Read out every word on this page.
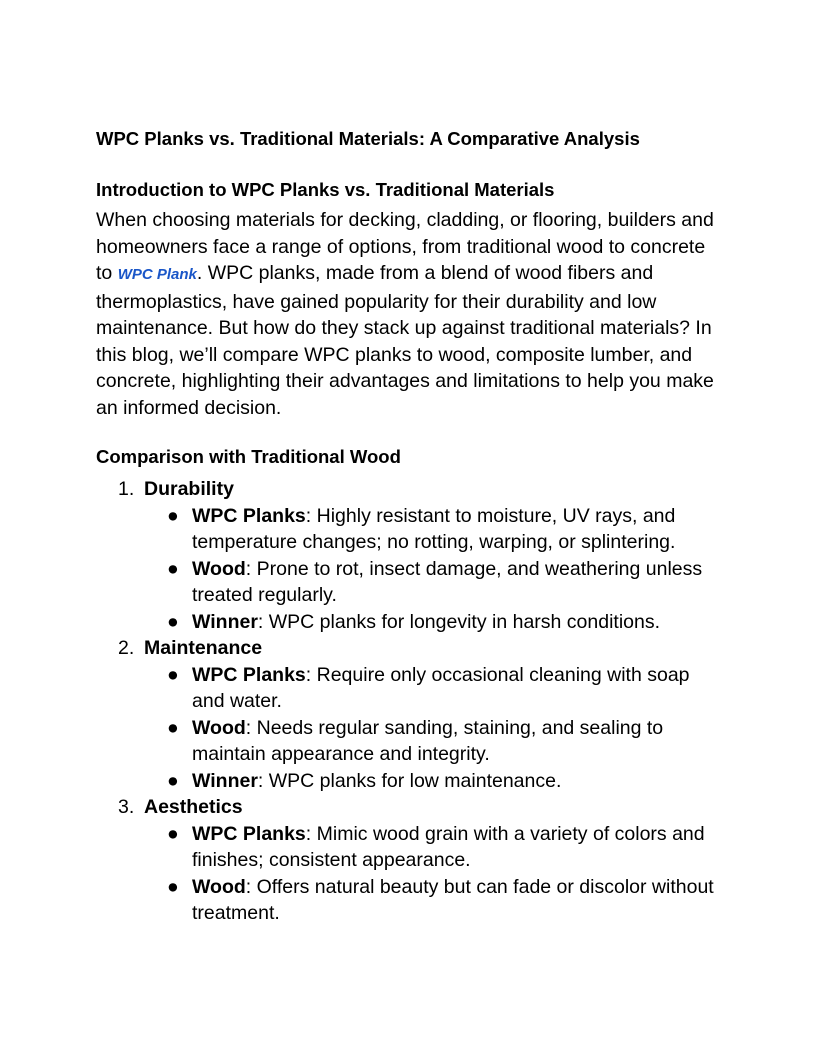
WPC Planks vs. Traditional Materials: A Comparative Analysis
Introduction to WPC Planks vs. Traditional Materials

When choosing materials for decking, cladding, or flooring, builders and homeowners face a range of options, from traditional wood to concrete to WPC Plank. WPC planks, made from a blend of wood fibers and thermoplastics, have gained popularity for their durability and low maintenance. But how do they stack up against traditional materials? In this blog, we’ll compare WPC planks to wood, composite lumber, and concrete, highlighting their advantages and limitations to help you make an informed decision.

Comparison with Traditional Wood
1. Durability
● WPC Planks: Highly resistant to moisture, UV rays, and temperature changes; no rotting, warping, or splintering.
● Wood: Prone to rot, insect damage, and weathering unless treated regularly.
● Winner: WPC planks for longevity in harsh conditions.
2. Maintenance
● WPC Planks: Require only occasional cleaning with soap and water.
● Wood: Needs regular sanding, staining, and sealing to maintain appearance and integrity.
● Winner: WPC planks for low maintenance.
3. Aesthetics
● WPC Planks: Mimic wood grain with a variety of colors and finishes; consistent appearance.
● Wood: Offers natural beauty but can fade or discolor without treatment.
